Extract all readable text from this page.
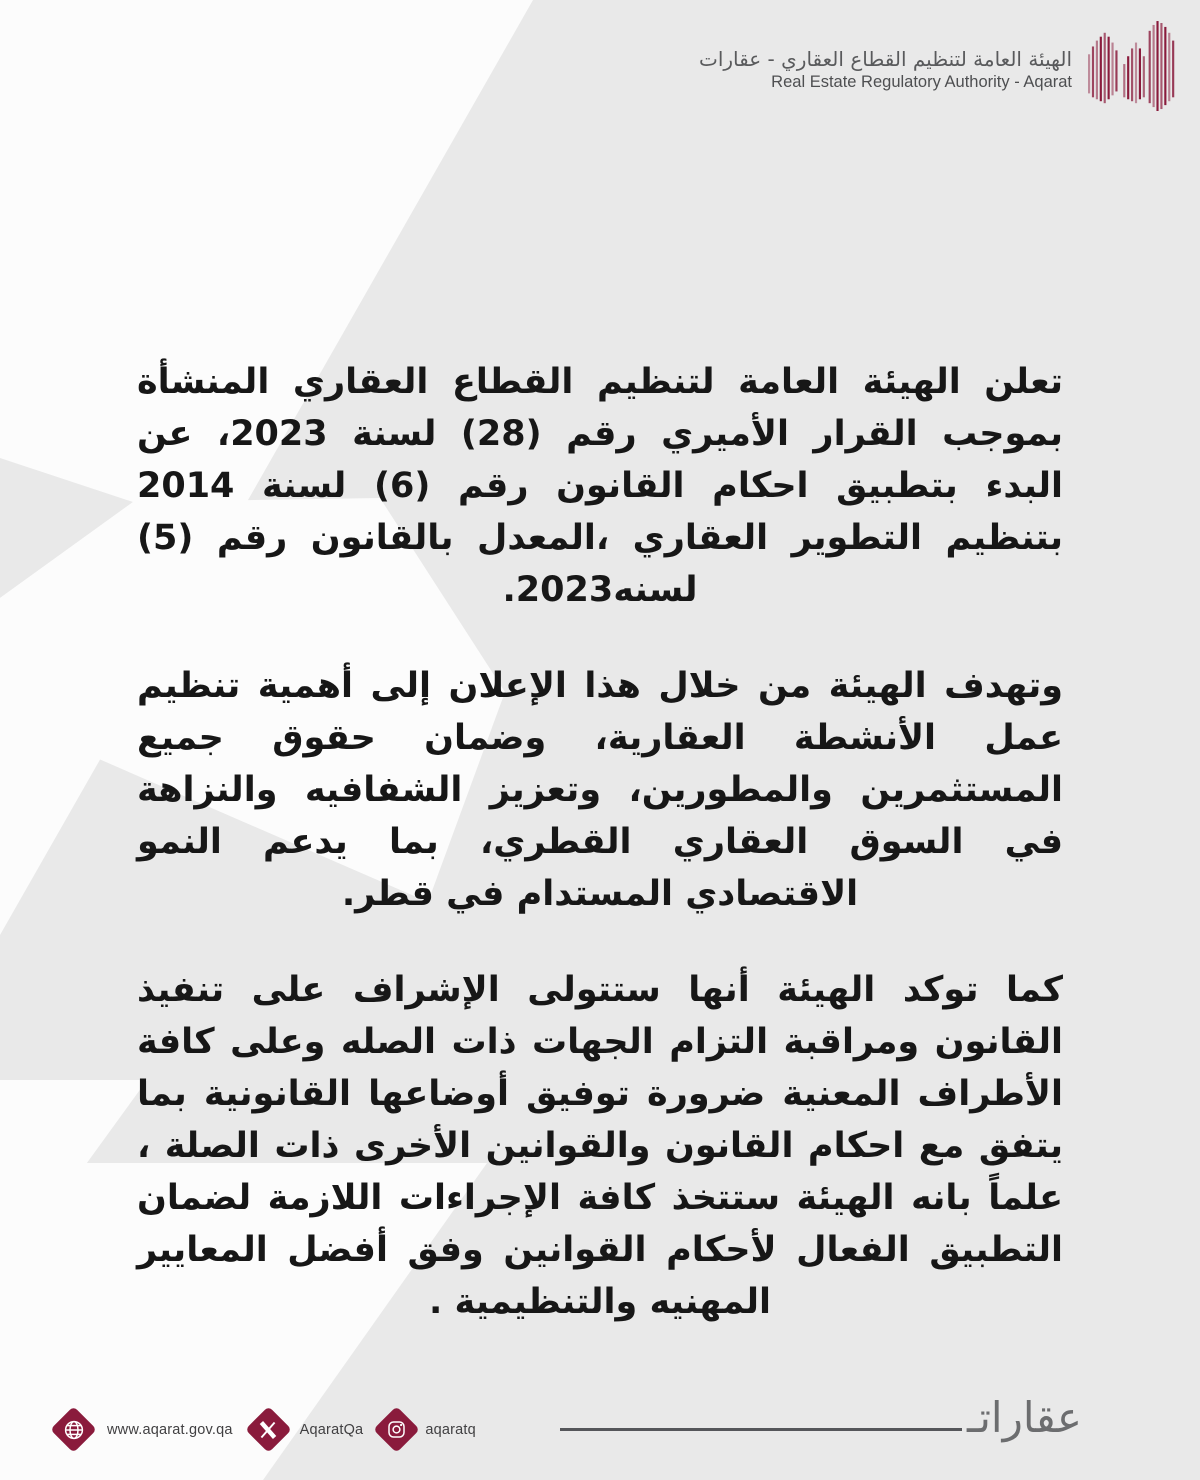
الهيئة العامة لتنظيم القطاع العقاري - عقارات
Real Estate Regulatory Authority - Aqarat

تعلن الهيئة العامة لتنظيم القطاع العقاري المنشأة بموجب القرار الأميري رقم (28) لسنة 2023، عن البدء بتطبيق احكام القانون رقم (6) لسنة 2014 بتنظيم التطوير العقاري ،المعدل بالقانون رقم (5) لسنه2023.

وتهدف الهيئة من خلال هذا الإعلان إلى أهمية تنظيم عمل الأنشطة العقارية، وضمان حقوق جميع المستثمرين والمطورين، وتعزيز الشفافيه والنزاهة في السوق العقاري القطري، بما يدعم النمو الاقتصادي المستدام في قطر.

كما توكد الهيئة أنها ستتولى الإشراف على تنفيذ القانون ومراقبة التزام الجهات ذات الصله وعلى كافة الأطراف المعنية ضرورة توفيق أوضاعها القانونية بما يتفق مع احكام القانون والقوانين الأخرى ذات الصلة ، علماً بانه الهيئة ستتخذ كافة الإجراءات اللازمة لضمان التطبيق الفعال لأحكام القوانين وفق أفضل المعايير المهنيه والتنظيمية .

www.aqarat.gov.qa	AqaratQa	aqaratq	عقاراتـ
